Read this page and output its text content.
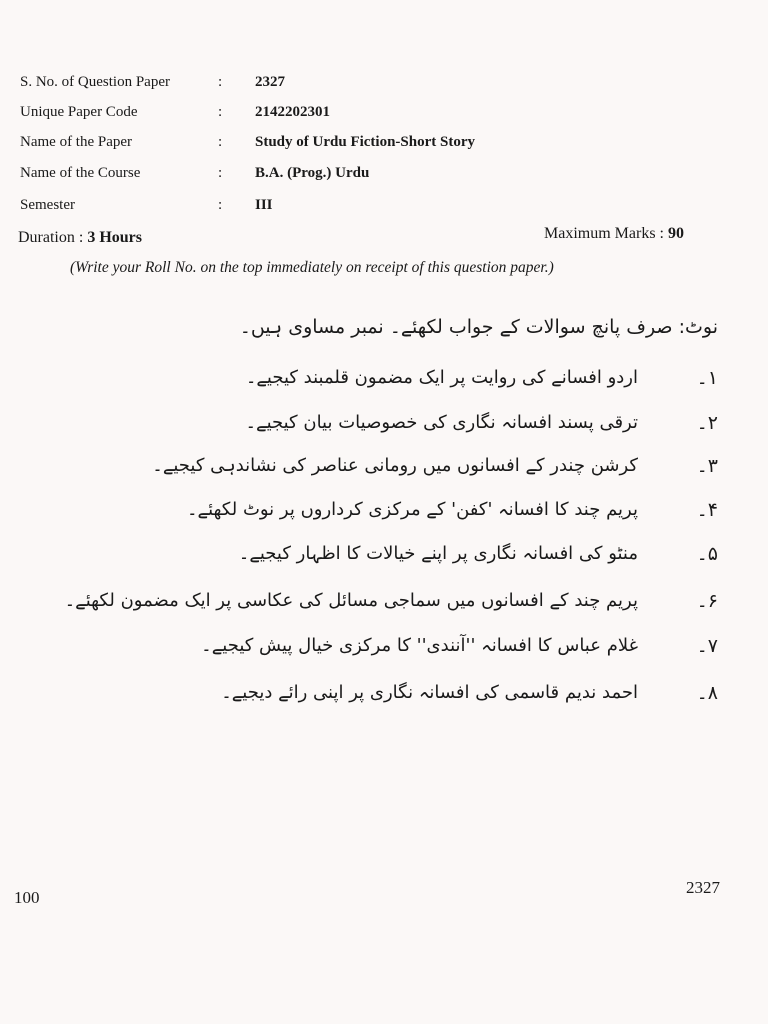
S. No. of Question Paper	: 2327
Unique Paper Code	: 2142202301
Name of the Paper	: Study of Urdu Fiction-Short Story
Name of the Course	: B.A. (Prog.) Urdu
Semester	: III
Duration : 3 Hours	Maximum Marks : 90
(Write your Roll No. on the top immediately on receipt of this question paper.)
نوٹ: صرف پانچ سوالات کے جواب لکھئے۔ نمبر مساوی ہیں۔
۱۔
اردو افسانے کی روایت پر ایک مضمون قلمبند کیجیے۔
۲۔
ترقی پسند افسانہ نگاری کی خصوصیات بیان کیجیے۔
۳۔
کرشن چندر کے افسانوں میں رومانی عناصر کی نشاندہی کیجیے۔
۴۔
پریم چند کا افسانہ 'کفن' کے مرکزی کرداروں پر نوٹ لکھئے۔
۵۔
منٹو کی افسانہ نگاری پر اپنے خیالات کا اظہار کیجیے۔
۶۔
پریم چند کے افسانوں میں سماجی مسائل کی عکاسی پر ایک مضمون لکھئے۔
۷۔
غلام عباس کا افسانہ ''آنندی'' کا مرکزی خیال پیش کیجیے۔
۸۔
احمد ندیم قاسمی کی افسانہ نگاری پر اپنی رائے دیجیے۔
100
2327
